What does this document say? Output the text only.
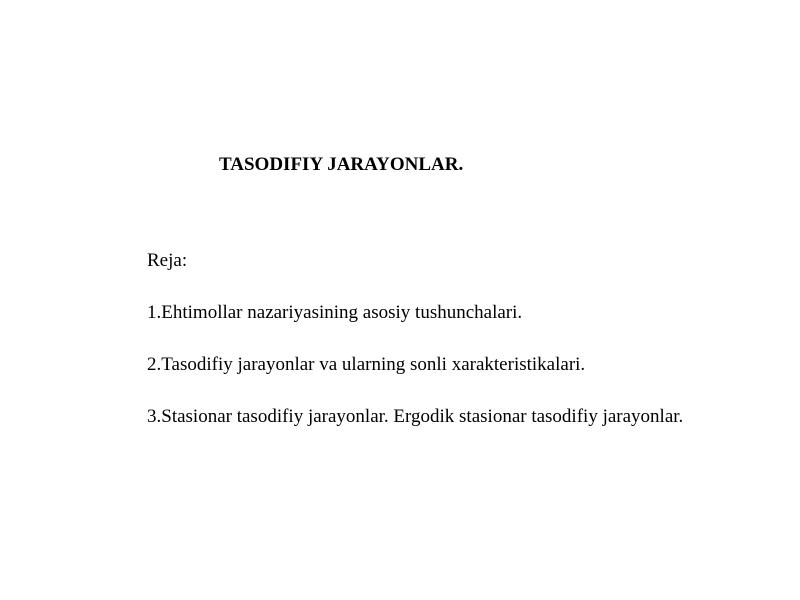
TASODIFIY JARAYONLAR.

Reja:

1.Ehtimollar nazariyasining asosiy tushunchalari.

2.Tasodifiy jarayonlar va ularning sonli xarakteristikalari.

3.Stasionar tasodifiy jarayonlar. Ergodik stasionar tasodifiy jarayonlar.
